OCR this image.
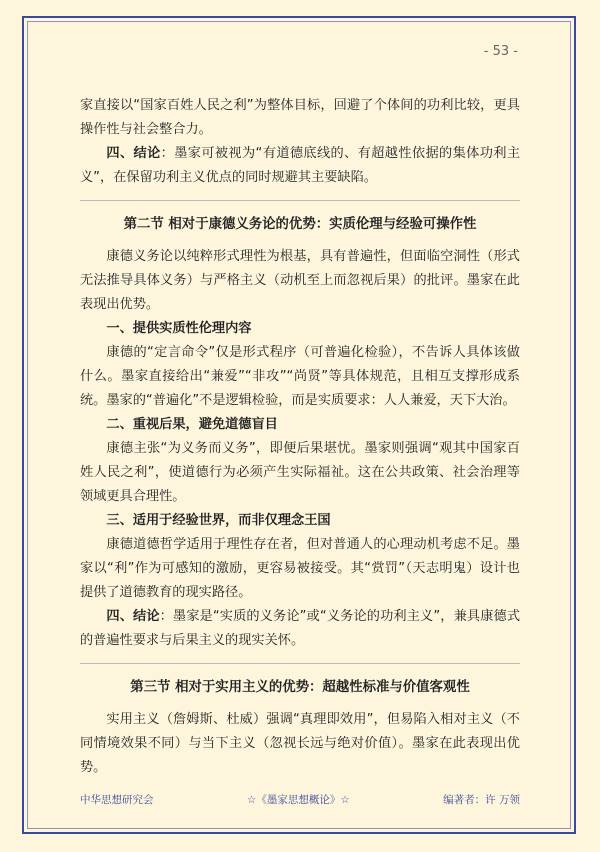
- 53 -

家直接以“国家百姓人民之利”为整体目标，回避了个体间的功利比较，更具操作性与社会整合力。

四、结论：墨家可被视为“有道德底线的、有超越性依据的集体功利主义”，在保留功利主义优点的同时规避其主要缺陷。

第二节 相对于康德义务论的优势：实质伦理与经验可操作性

康德义务论以纯粹形式理性为根基，具有普遍性，但面临空洞性（形式无法推导具体义务）与严格主义（动机至上而忽视后果）的批评。墨家在此表现出优势。

一、提供实质性伦理内容

康德的“定言命令”仅是形式程序（可普遍化检验），不告诉人具体该做什么。墨家直接给出“兼爱”“非攻”“尚贤”等具体规范，且相互支撑形成系统。墨家的“普遍化”不是逻辑检验，而是实质要求：人人兼爱，天下大治。

二、重视后果，避免道德盲目

康德主张“为义务而义务”，即便后果堪忧。墨家则强调“观其中国家百姓人民之利”，使道德行为必须产生实际福祉。这在公共政策、社会治理等领域更具合理性。

三、适用于经验世界，而非仅理念王国

康德道德哲学适用于理性存在者，但对普通人的心理动机考虑不足。墨家以“利”作为可感知的激励，更容易被接受。其“赏罚”（天志明鬼）设计也提供了道德教育的现实路径。

四、结论：墨家是“实质的义务论”或“义务论的功利主义”，兼具康德式的普遍性要求与后果主义的现实关怀。

第三节 相对于实用主义的优势：超越性标准与价值客观性

实用主义（詹姆斯、杜威）强调“真理即效用”，但易陷入相对主义（不同情境效果不同）与当下主义（忽视长远与绝对价值）。墨家在此表现出优势。

中华思想研究会	☆《墨家思想概论》☆	编著者：许 万领
